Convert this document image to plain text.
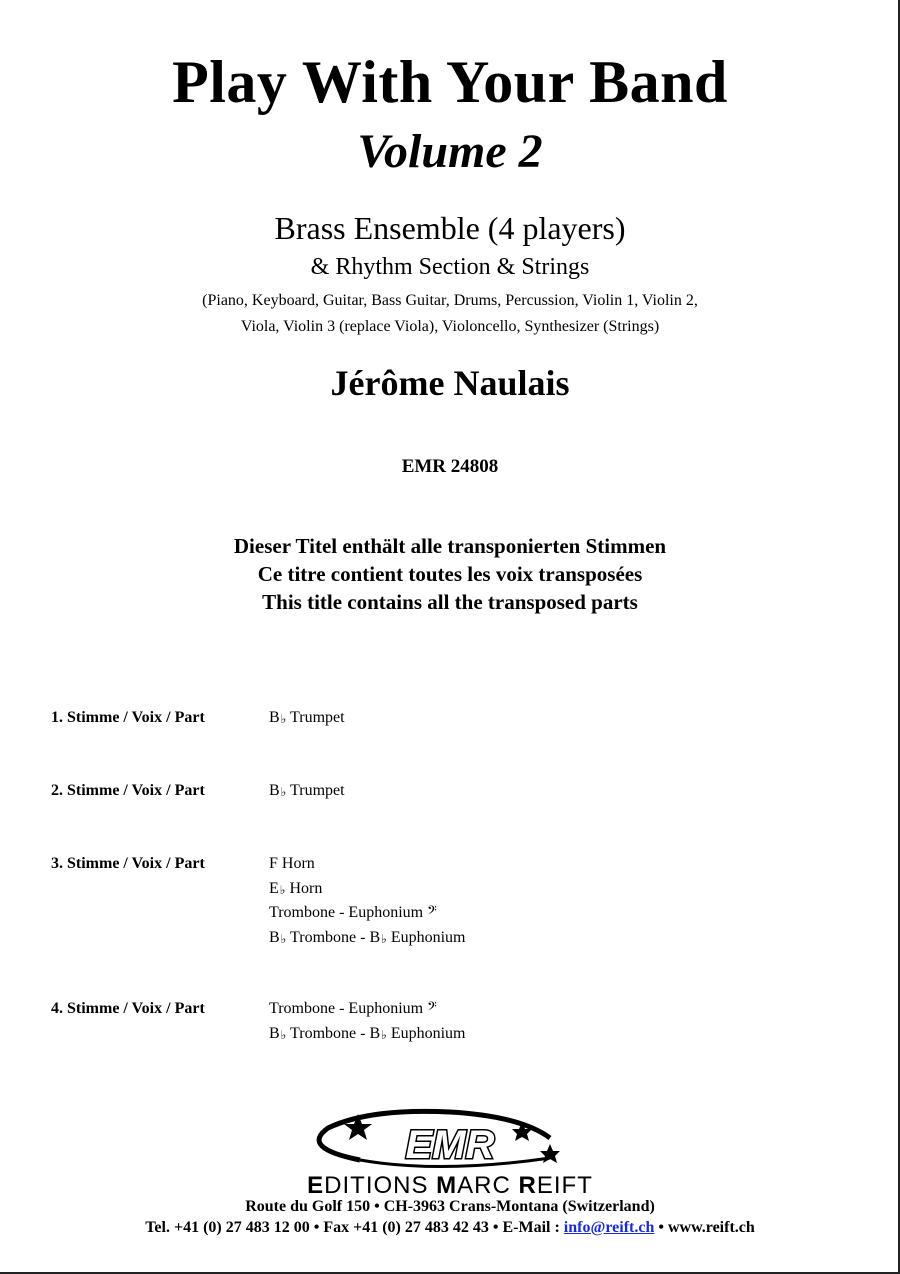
Play With Your Band
Volume 2
Brass Ensemble (4 players)
& Rhythm Section & Strings
(Piano, Keyboard, Guitar, Bass Guitar, Drums, Percussion, Violin 1, Violin 2,
Viola, Violin 3 (replace Viola), Violoncello, Synthesizer (Strings)
Jérôme Naulais
EMR 24808
Dieser Titel enthält alle transponierten Stimmen
Ce titre contient toutes les voix transposées
This title contains all the transposed parts
1. Stimme / Voix / Part	B♭ Trumpet
2. Stimme / Voix / Part	B♭ Trumpet
3. Stimme / Voix / Part	F Horn
E♭ Horn
Trombone - Euphonium 𝄢
B♭ Trombone - B♭ Euphonium
4. Stimme / Voix / Part	Trombone - Euphonium 𝄢
B♭ Trombone - B♭ Euphonium
EMR
EDITIONS MARC REIFT
Route du Golf 150 • CH-3963 Crans-Montana (Switzerland)
Tel. +41 (0) 27 483 12 00 • Fax +41 (0) 27 483 42 43 • E-Mail : info@reift.ch • www.reift.ch
